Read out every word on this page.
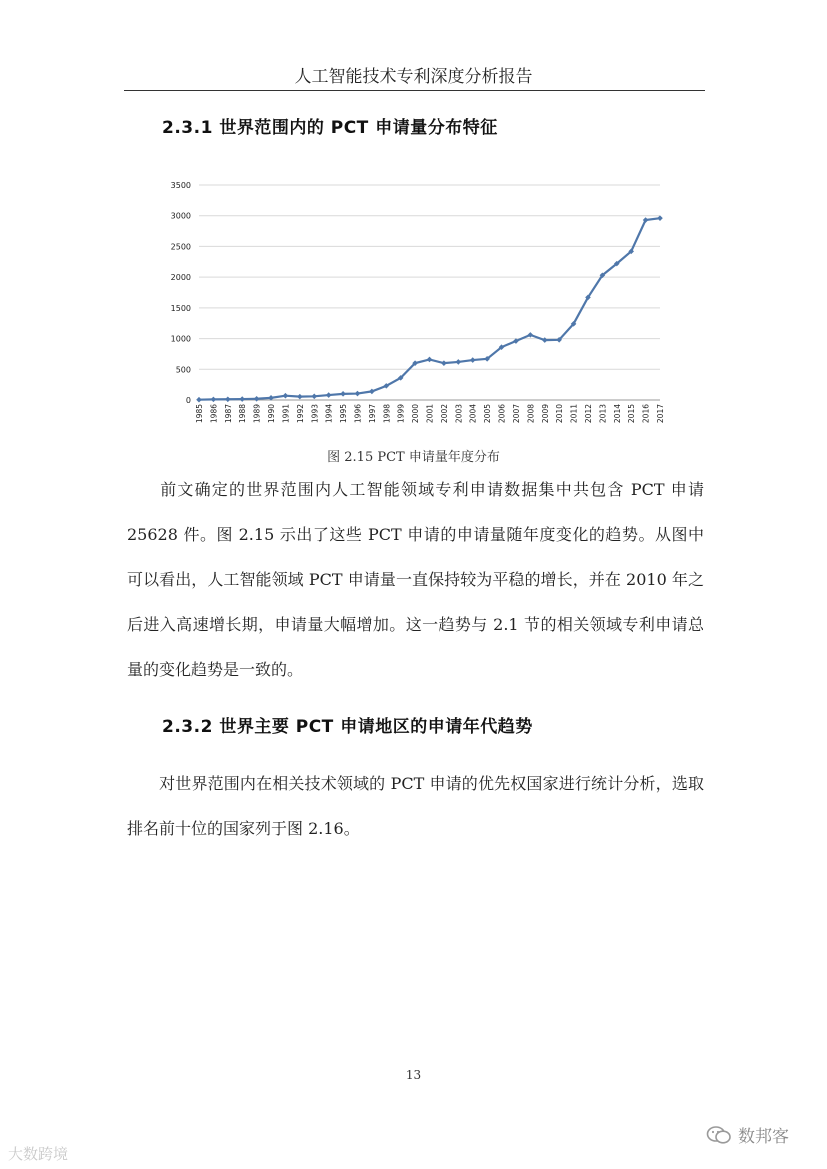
人工智能技术专利深度分析报告
2.3.1 世界范围内的 PCT 申请量分布特征
0
500
1000
1500
2000
2500
3000
3500
1985 1986 1987 1988 1989 1990 1991 1992 1993 1994 1995 1996 1997 1998 1999 2000 2001 2002 2003 2004 2005 2006 2007 2008 2009 2010 2011 2012 2013 2014 2015 2016 2017
图 2.15 PCT 申请量年度分布
前文确定的世界范围内人工智能领域专利申请数据集中共包含 PCT 申请 25628 件。图 2.15 示出了这些 PCT 申请的申请量随年度变化的趋势。从图中可以看出，人工智能领域 PCT 申请量一直保持较为平稳的增长，并在 2010 年之后进入高速增长期，申请量大幅增加。这一趋势与 2.1 节的相关领域专利申请总量的变化趋势是一致的。
2.3.2 世界主要 PCT 申请地区的申请年代趋势
对世界范围内在相关技术领域的 PCT 申请的优先权国家进行统计分析，选取排名前十位的国家列于图 2.16。
13
大数跨境
数邦客
